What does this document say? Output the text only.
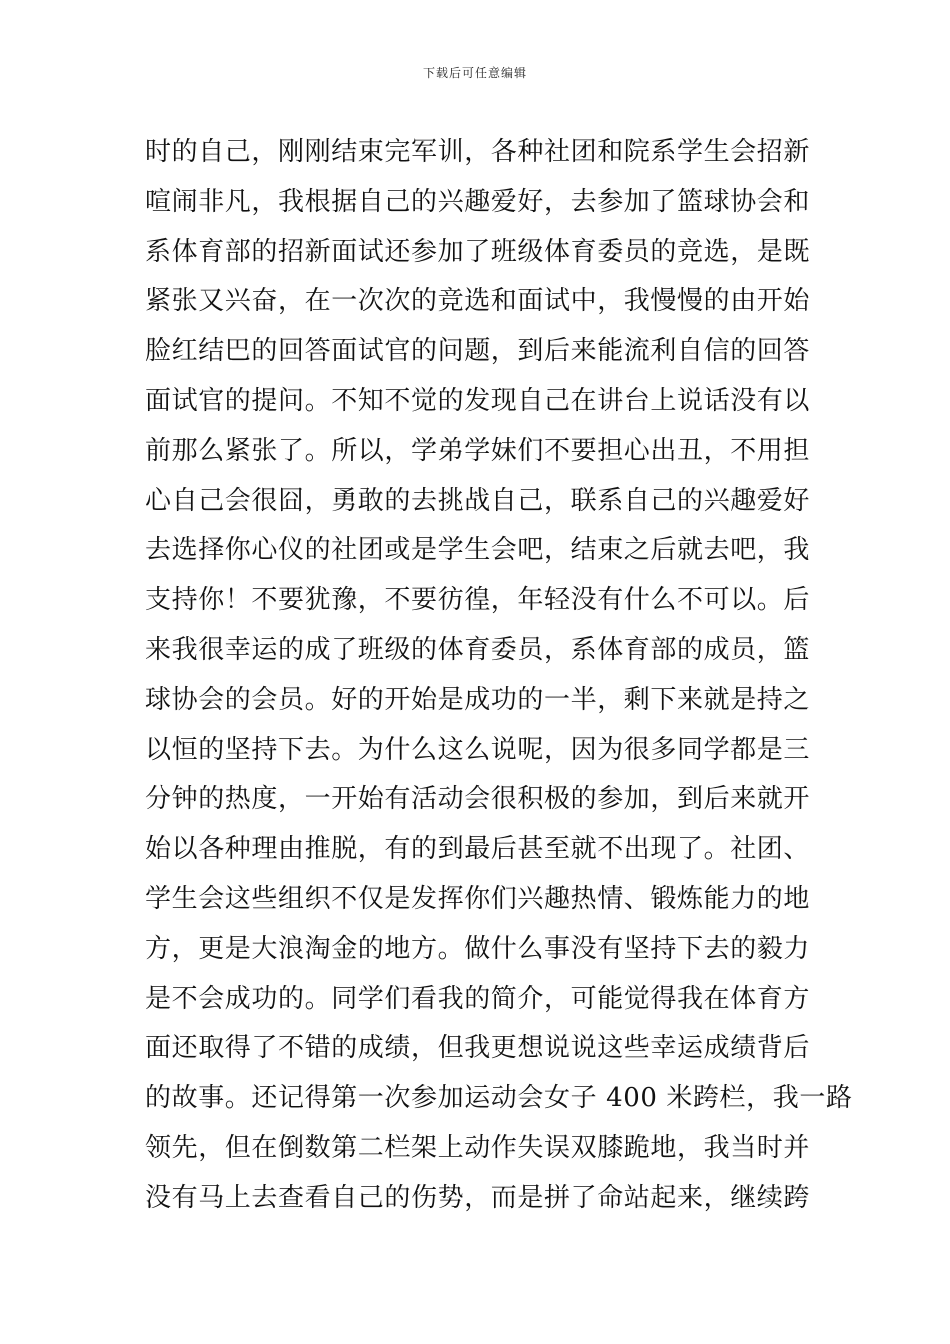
下载后可任意编辑
时的自己，刚刚结束完军训，各种社团和院系学生会招新
喧闹非凡，我根据自己的兴趣爱好，去参加了篮球协会和
系体育部的招新面试还参加了班级体育委员的竞选，是既
紧张又兴奋，在一次次的竞选和面试中，我慢慢的由开始
脸红结巴的回答面试官的问题，到后来能流利自信的回答
面试官的提问。不知不觉的发现自己在讲台上说话没有以
前那么紧张了。所以，学弟学妹们不要担心出丑，不用担
心自己会很囧，勇敢的去挑战自己，联系自己的兴趣爱好
去选择你心仪的社团或是学生会吧，结束之后就去吧，我
支持你！不要犹豫，不要彷徨，年轻没有什么不可以。后
来我很幸运的成了班级的体育委员，系体育部的成员，篮
球协会的会员。好的开始是成功的一半，剩下来就是持之
以恒的坚持下去。为什么这么说呢，因为很多同学都是三
分钟的热度，一开始有活动会很积极的参加，到后来就开
始以各种理由推脱，有的到最后甚至就不出现了。社团、
学生会这些组织不仅是发挥你们兴趣热情、锻炼能力的地
方，更是大浪淘金的地方。做什么事没有坚持下去的毅力
是不会成功的。同学们看我的简介，可能觉得我在体育方
面还取得了不错的成绩，但我更想说说这些幸运成绩背后
的故事。还记得第一次参加运动会女子 400 米跨栏，我一路
领先，但在倒数第二栏架上动作失误双膝跪地，我当时并
没有马上去查看自己的伤势，而是拼了命站起来，继续跨
